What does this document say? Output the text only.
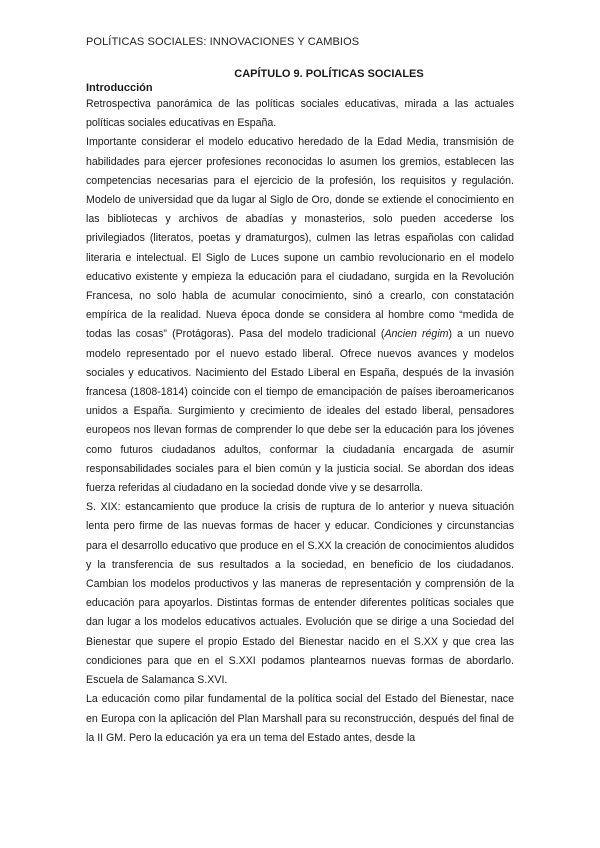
POLÍTICAS SOCIALES: INNOVACIONES Y CAMBIOS
CAPÍTULO 9. POLÍTICAS SOCIALES
Introducción

Retrospectiva panorámica de las políticas sociales educativas, mirada a las actuales políticas sociales educativas en España.

Importante considerar el modelo educativo heredado de la Edad Media, transmisión de habilidades para ejercer profesiones reconocidas lo asumen los gremios, establecen las competencias necesarias para el ejercicio de la profesión, los requisitos y regulación. Modelo de universidad que da lugar al Siglo de Oro, donde se extiende el conocimiento en las bibliotecas y archivos de abadías y monasterios, solo pueden accederse los privilegiados (literatos, poetas y dramaturgos), culmen las letras españolas con calidad literaria e intelectual. El Siglo de Luces supone un cambio revolucionario en el modelo educativo existente y empieza la educación para el ciudadano, surgida en la Revolución Francesa, no solo habla de acumular conocimiento, sinó a crearlo, con constatación empírica de la realidad. Nueva época donde se considera al hombre como “medida de todas las cosas” (Protágoras). Pasa del modelo tradicional (Ancien régim) a un nuevo modelo representado por el nuevo estado liberal. Ofrece nuevos avances y modelos sociales y educativos. Nacimiento del Estado Liberal en España, después de la invasión francesa (1808-1814) coincide con el tiempo de emancipación de países iberoamericanos unidos a España. Surgimiento y crecimiento de ideales del estado liberal, pensadores europeos nos llevan formas de comprender lo que debe ser la educación para los jóvenes como futuros ciudadanos adultos, conformar la ciudadanía encargada de asumir responsabilidades sociales para el bien común y la justicia social. Se abordan dos ideas fuerza referidas al ciudadano en la sociedad donde vive y se desarrolla.

S. XIX: estancamiento que produce la crisis de ruptura de lo anterior y nueva situación lenta pero firme de las nuevas formas de hacer y educar. Condiciones y circunstancias para el desarrollo educativo que produce en el S.XX la creación de conocimientos aludidos y la transferencia de sus resultados a la sociedad, en beneficio de los ciudadanos. Cambian los modelos productivos y las maneras de representación y comprensión de la educación para apoyarlos. Distintas formas de entender diferentes políticas sociales que dan lugar a los modelos educativos actuales. Evolución que se dirige a una Sociedad del Bienestar que supere el propio Estado del Bienestar nacido en el S.XX y que crea las condiciones para que en el S.XXI podamos plantearnos nuevas formas de abordarlo. Escuela de Salamanca S.XVI.

La educación como pilar fundamental de la política social del Estado del Bienestar, nace en Europa con la aplicación del Plan Marshall para su reconstrucción, después del final de la II GM. Pero la educación ya era un tema del Estado antes, desde la
